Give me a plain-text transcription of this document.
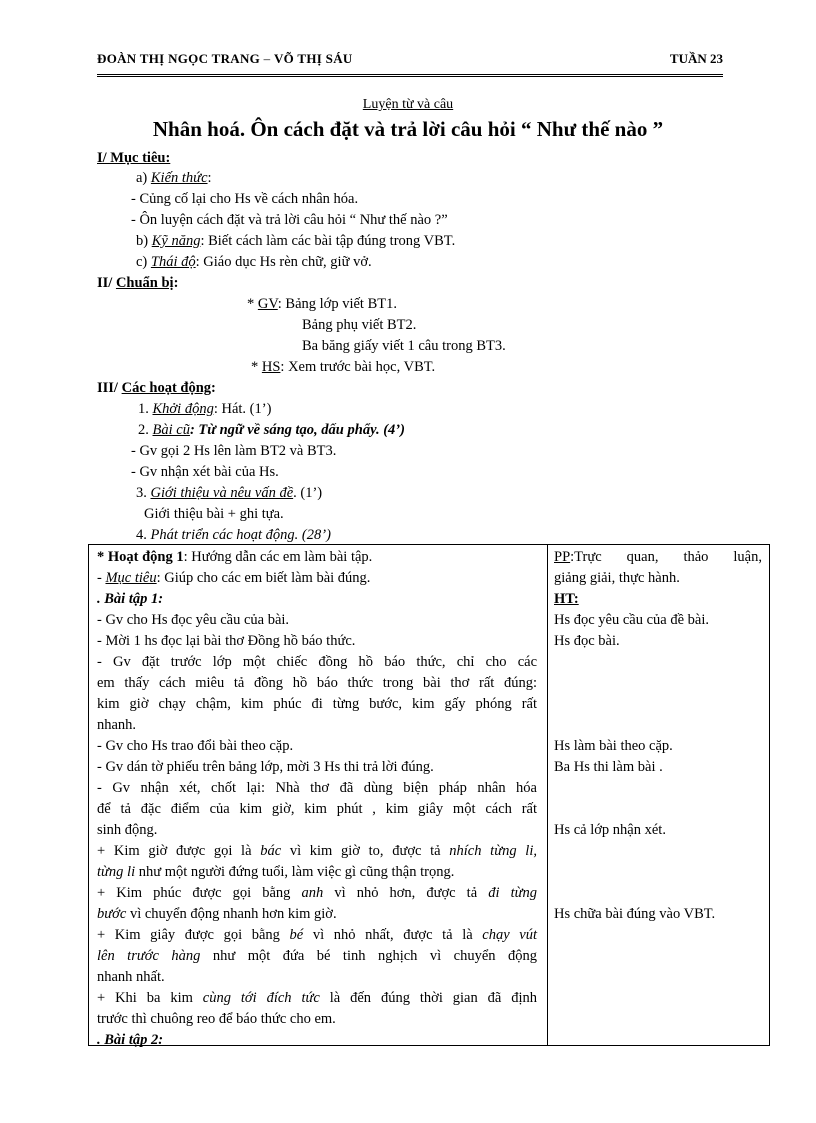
ĐOÀN THỊ NGỌC TRANG – VÕ THỊ SÁU	TUẦN 23
Luyện từ và câu
Nhân hoá. Ôn cách đặt và trả lời câu hỏi “ Như thế nào ”
I/ Mục tiêu:
a) Kiến thức:
- Củng cố lại cho Hs về cách nhân hóa.
- Ôn luyện cách đặt và trả lời câu hỏi “ Như thế nào ?”
b) Kỹ năng: Biết cách làm các bài tập đúng trong VBT.
c) Thái độ: Giáo dục Hs rèn chữ, giữ vở.
II/ Chuẩn bị:
* GV: Bảng lớp viết BT1.
Bảng phụ viết BT2.
Ba băng giấy viết 1 câu trong BT3.
* HS: Xem trước bài học, VBT.
III/ Các hoạt động:
1. Khởi động: Hát. (1’)
2. Bài cũ: Từ ngữ về sáng tạo, dấu phẩy. (4’)
- Gv gọi 2 Hs lên làm BT2 và BT3.
- Gv nhận xét bài của Hs.
3. Giới thiệu và nêu vấn đề. (1’)
Giới thiệu bài + ghi tựa.
4. Phát triển các hoạt động. (28’)
* Hoạt động 1: Hướng dẫn các em làm bài tập.
- Mục tiêu: Giúp cho các em biết làm bài đúng.
. Bài tập 1:
- Gv cho Hs đọc yêu cầu của bài.
- Mời 1 hs đọc lại bài thơ Đồng hồ báo thức.
- Gv đặt trước lớp một chiếc đồng hồ báo thức, chỉ cho các
em thấy cách miêu tả đồng hồ báo thức trong bài thơ rất đúng:
kim giờ chạy chậm, kim phúc đi từng bước, kim gấy phóng rất
nhanh.
- Gv cho Hs trao đổi bài theo cặp.
- Gv dán tờ phiếu trên bảng lớp, mời 3 Hs thi trả lời đúng.
- Gv nhận xét, chốt lại: Nhà thơ đã dùng biện pháp nhân hóa
để tả đặc điểm của kim giờ, kim phút , kim giây một cách rất
sinh động.
+ Kim giờ được gọi là bác vì kim giờ to, được tả nhích từng li,
từng li như một người đứng tuổi, làm việc gì cũng thận trọng.
+ Kim phúc được gọi bằng anh vì nhỏ hơn, được tả đi từng
bước vì chuyển động nhanh hơn kim giờ.
+ Kim giây được gọi bằng bé vì nhỏ nhất, được tả là chạy vút
lên trước hàng như một đứa bé tinh nghịch vì chuyển động
nhanh nhất.
+ Khi ba kim cùng tới đích tức là đến đúng thời gian đã định
trước thì chuông reo để báo thức cho em.
. Bài tập 2:
PP:Trực quan, thảo luận,
giảng giải, thực hành.
HT:
Hs đọc yêu cầu của đề bài.
Hs đọc bài.
Hs làm bài theo cặp.
Ba Hs thi làm bài .
Hs cả lớp nhận xét.
Hs chữa bài đúng vào VBT.
